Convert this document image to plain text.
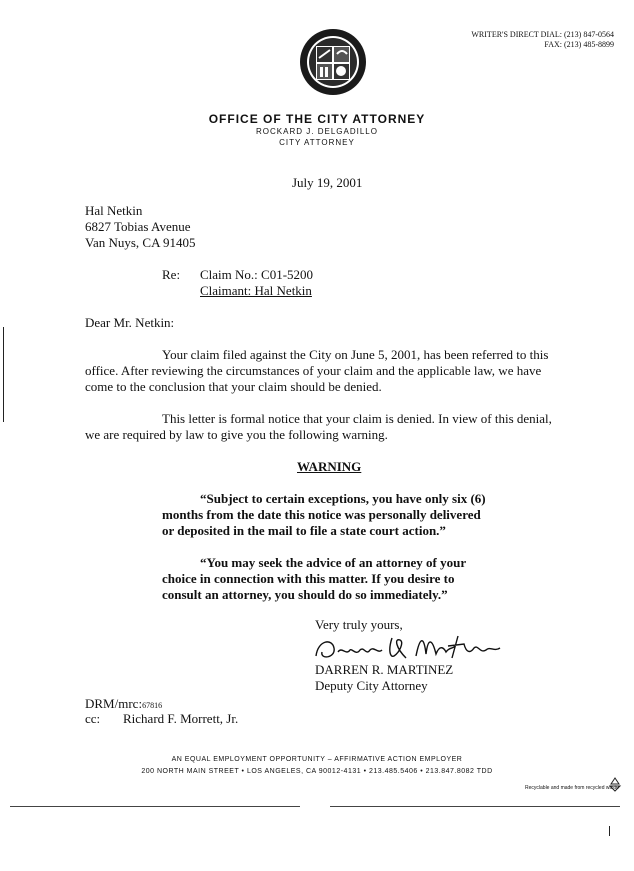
WRITER'S DIRECT DIAL: (213) 847-0564
FAX: (213) 485-8899
OFFICE OF THE CITY ATTORNEY
ROCKARD J. DELGADILLO
CITY ATTORNEY
July 19, 2001
Hal Netkin
6827 Tobias Avenue
Van Nuys, CA 91405
Re: Claim No.: C01-5200
Claimant: Hal Netkin
Dear Mr. Netkin:
Your claim filed against the City on June 5, 2001, has been referred to this
office. After reviewing the circumstances of your claim and the applicable law, we have
come to the conclusion that your claim should be denied.
This letter is formal notice that your claim is denied. In view of this denial,
we are required by law to give you the following warning.
WARNING
“Subject to certain exceptions, you have only six (6)
months from the date this notice was personally delivered
or deposited in the mail to file a state court action.”
“You may seek the advice of an attorney of your
choice in connection with this matter. If you desire to
consult an attorney, you should do so immediately.”
Very truly yours,
DARREN R. MARTINEZ
Deputy City Attorney
DRM/mrc:67816
cc: Richard F. Morrett, Jr.
AN EQUAL EMPLOYMENT OPPORTUNITY – AFFIRMATIVE ACTION EMPLOYER
200 NORTH MAIN STREET • LOS ANGELES, CA 90012-4131 • 213.485.5406 • 213.847.8082 TDD
Recyclable and made from recycled waste
